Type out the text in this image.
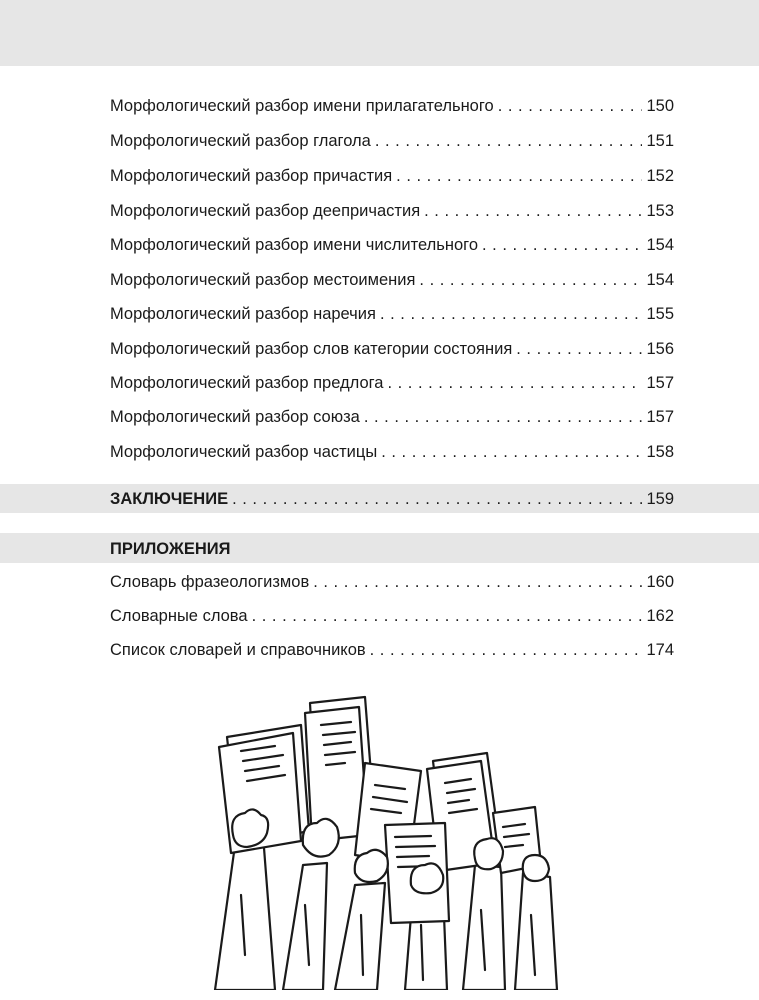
Морфологический разбор имени прилагательного . . .	150
Морфологический разбор глагола . . .	151
Морфологический разбор причастия . . .	152
Морфологический разбор деепричастия . . .	153
Морфологический разбор имени числительного . . .	154
Морфологический разбор местоимения . . .	154
Морфологический разбор наречия . . .	155
Морфологический разбор слов категории состояния . . .	156
Морфологический разбор предлога . . .	157
Морфологический разбор союза . . .	157
Морфологический разбор частицы . . .	158
ЗАКЛЮЧЕНИЕ . . .	159
ПРИЛОЖЕНИЯ
Словарь фразеологизмов . . .	160
Словарные слова . . .	162
Список словарей и справочников . . .	174
